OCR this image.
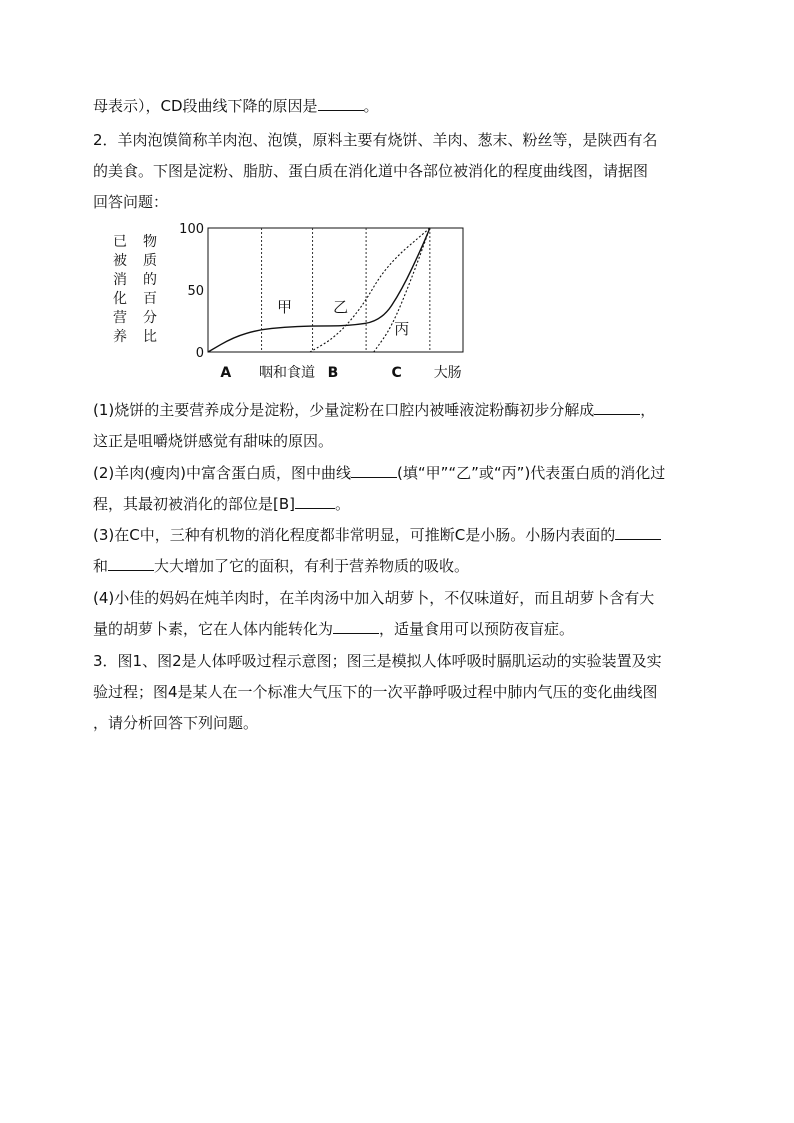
母表示），CD段曲线下降的原因是	。
2．羊肉泡馍简称羊肉泡、泡馍，原料主要有烧饼、羊肉、葱末、粉丝等，是陕西有名
的美食。下图是淀粉、脂肪、蛋白质在消化道中各部位被消化的程度曲线图，请据图
回答问题：
0
50
100
已
被
消
化
营
养
物
质
的
百
分
比
A 咽和食道 B	C 大肠
甲	乙
丙
(1)烧饼的主要营养成分是淀粉，少量淀粉在口腔内被唾液淀粉酶初步分解成	，
这正是咀嚼烧饼感觉有甜味的原因。
(2)羊肉(瘦肉)中富含蛋白质，图中曲线	(填“甲”“乙”或“丙”)代表蛋白质的消化过
程，其最初被消化的部位是[B]	。
(3)在C中，三种有机物的消化程度都非常明显，可推断C是小肠。小肠内表面的
和	大大增加了它的面积，有利于营养物质的吸收。
(4)小佳的妈妈在炖羊肉时，在羊肉汤中加入胡萝卜，不仅味道好，而且胡萝卜含有大
量的胡萝卜素，它在人体内能转化为	，适量食用可以预防夜盲症。
3．图1、图2是人体呼吸过程示意图；图三是模拟人体呼吸时膈肌运动的实验装置及实
验过程；图4是某人在一个标准大气压下的一次平静呼吸过程中肺内气压的变化曲线图
，请分析回答下列问题。
